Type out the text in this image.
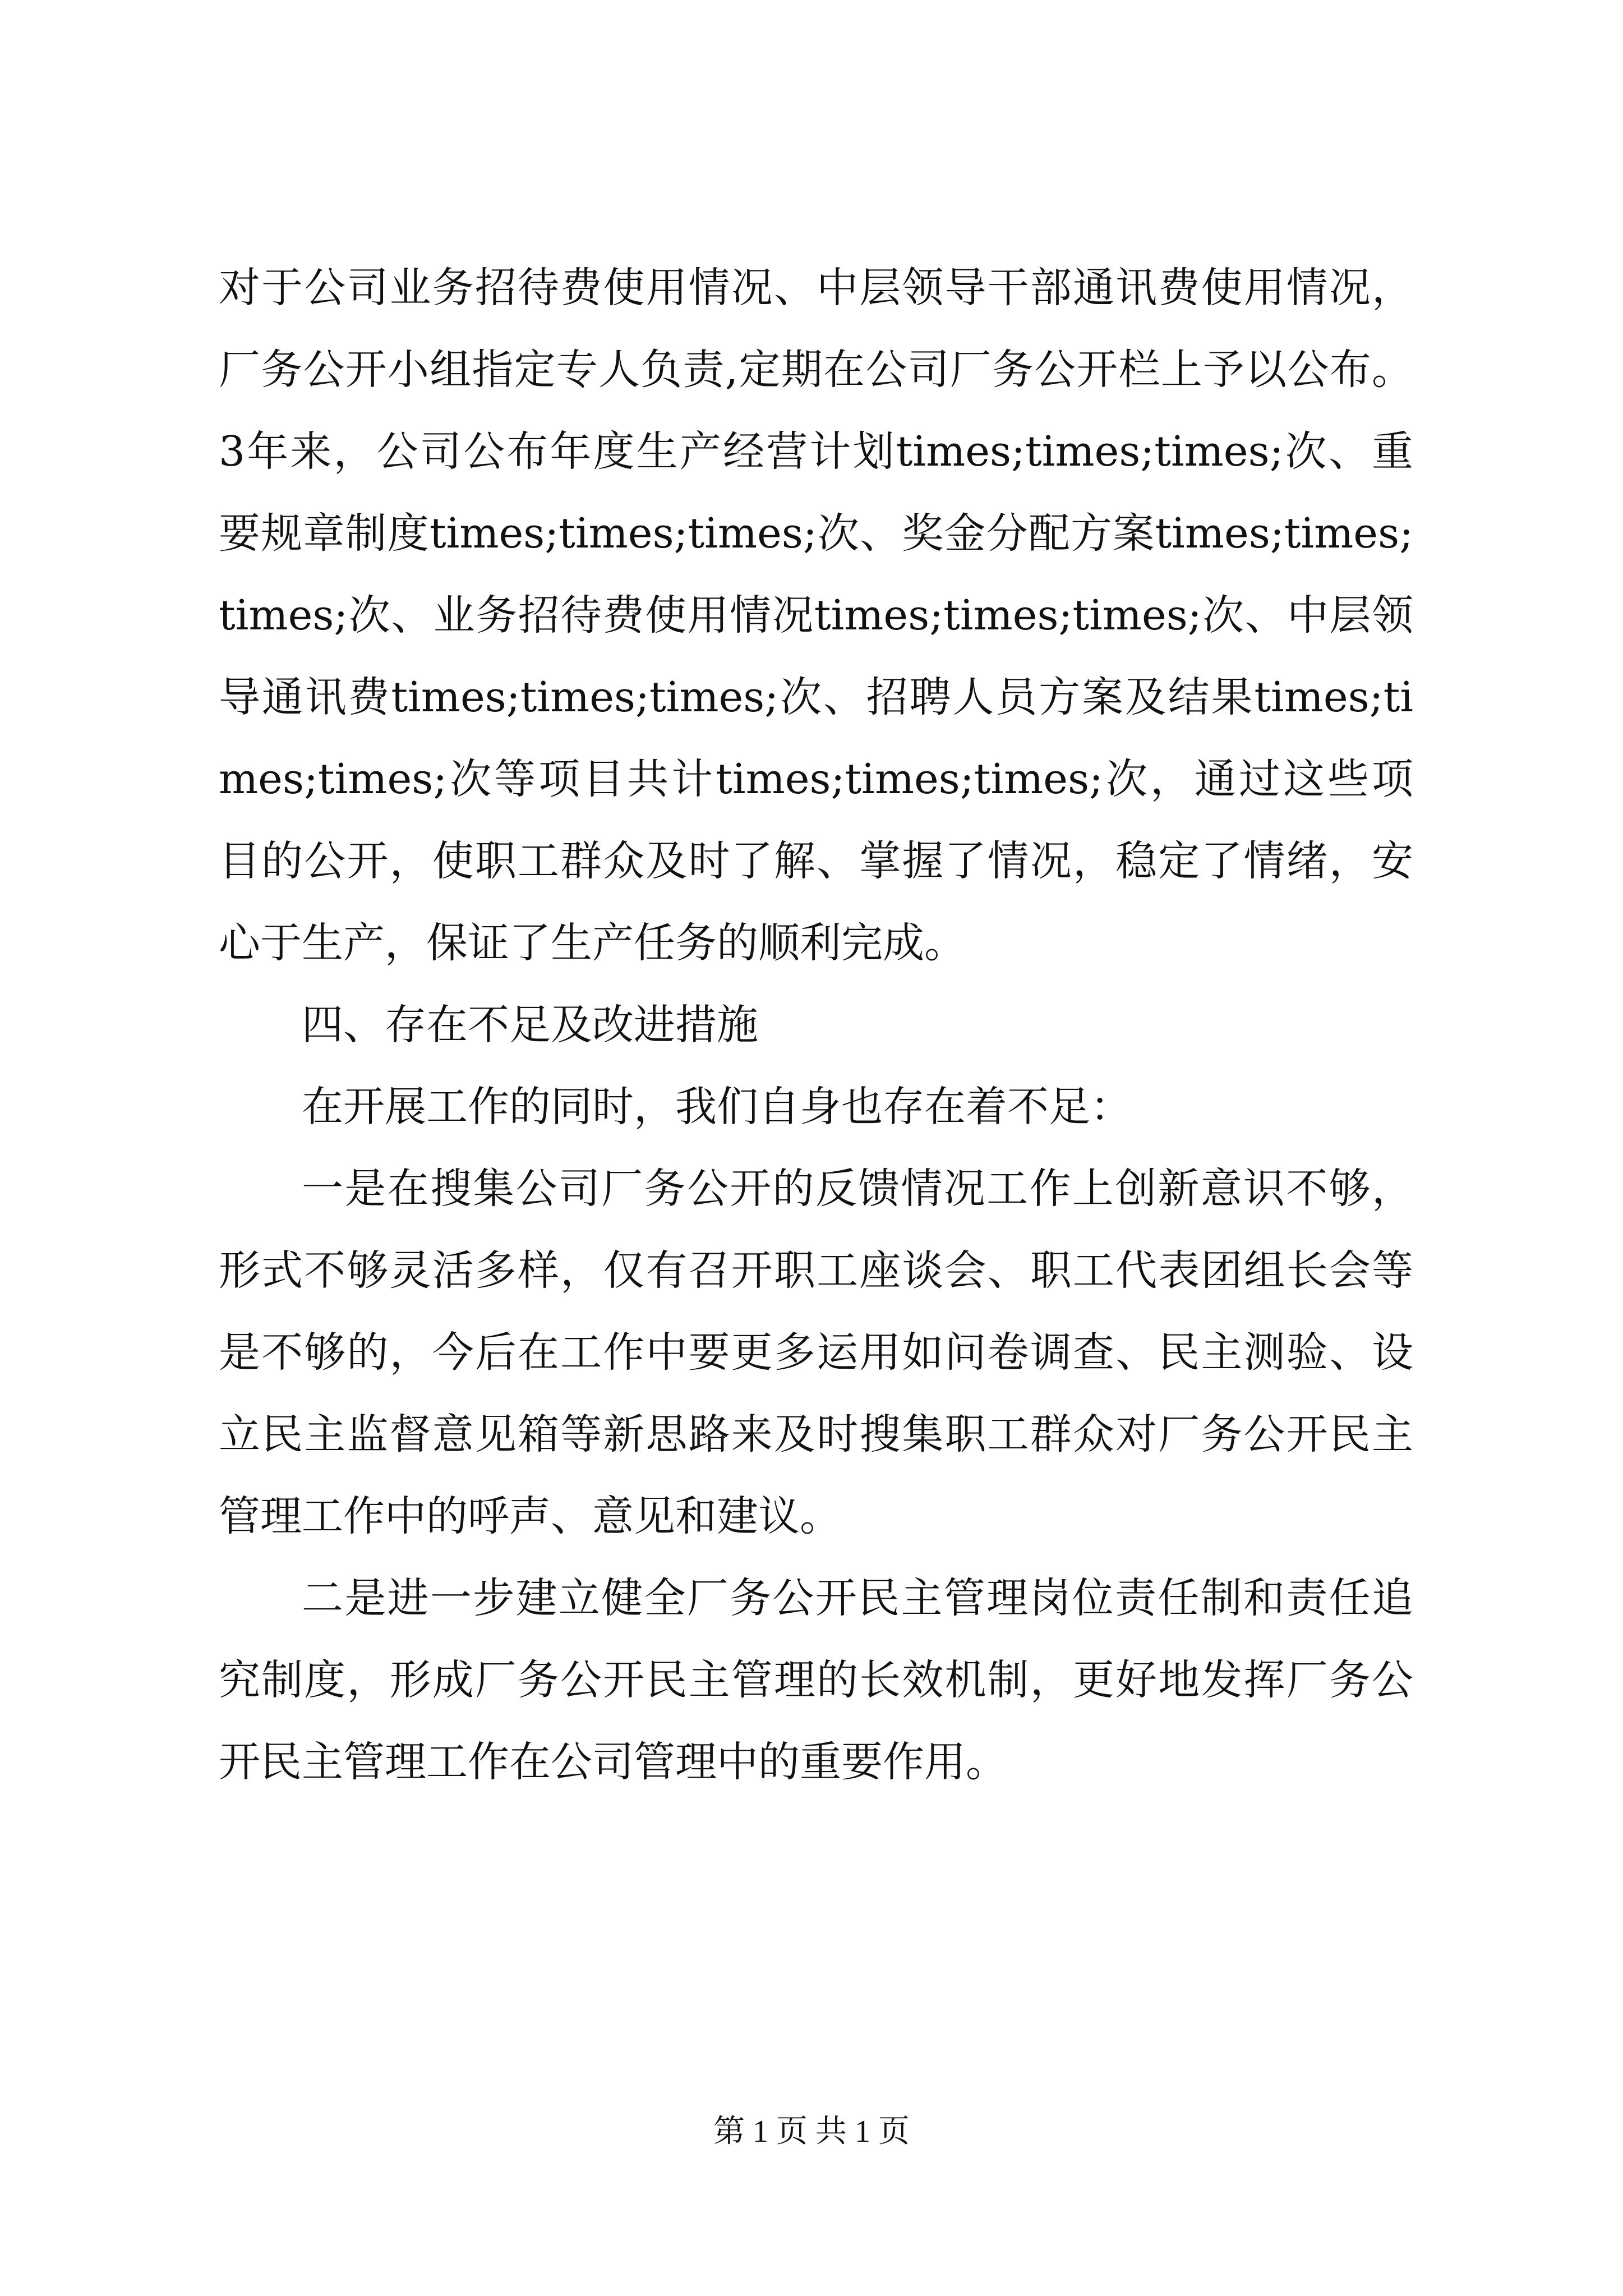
对于公司业务招待费使用情况、中层领导干部通讯费使用情况，厂务公开小组指定专人负责,定期在公司厂务公开栏上予以公布。3年来，公司公布年度生产经营计划times;times;times;次、重要规章制度times;times;times;次、奖金分配方案times;times;times;次、业务招待费使用情况times;times;times;次、中层领导通讯费times;times;times;次、招聘人员方案及结果times;times;times;次等项目共计times;times;times;次，通过这些项目的公开，使职工群众及时了解、掌握了情况，稳定了情绪，安心于生产，保证了生产任务的顺利完成。

四、存在不足及改进措施

在开展工作的同时，我们自身也存在着不足：

一是在搜集公司厂务公开的反馈情况工作上创新意识不够，形式不够灵活多样，仅有召开职工座谈会、职工代表团组长会等是不够的，今后在工作中要更多运用如问卷调查、民主测验、设立民主监督意见箱等新思路来及时搜集职工群众对厂务公开民主管理工作中的呼声、意见和建议。

二是进一步建立健全厂务公开民主管理岗位责任制和责任追究制度，形成厂务公开民主管理的长效机制，更好地发挥厂务公开民主管理工作在公司管理中的重要作用。

第 1 页 共 1 页
